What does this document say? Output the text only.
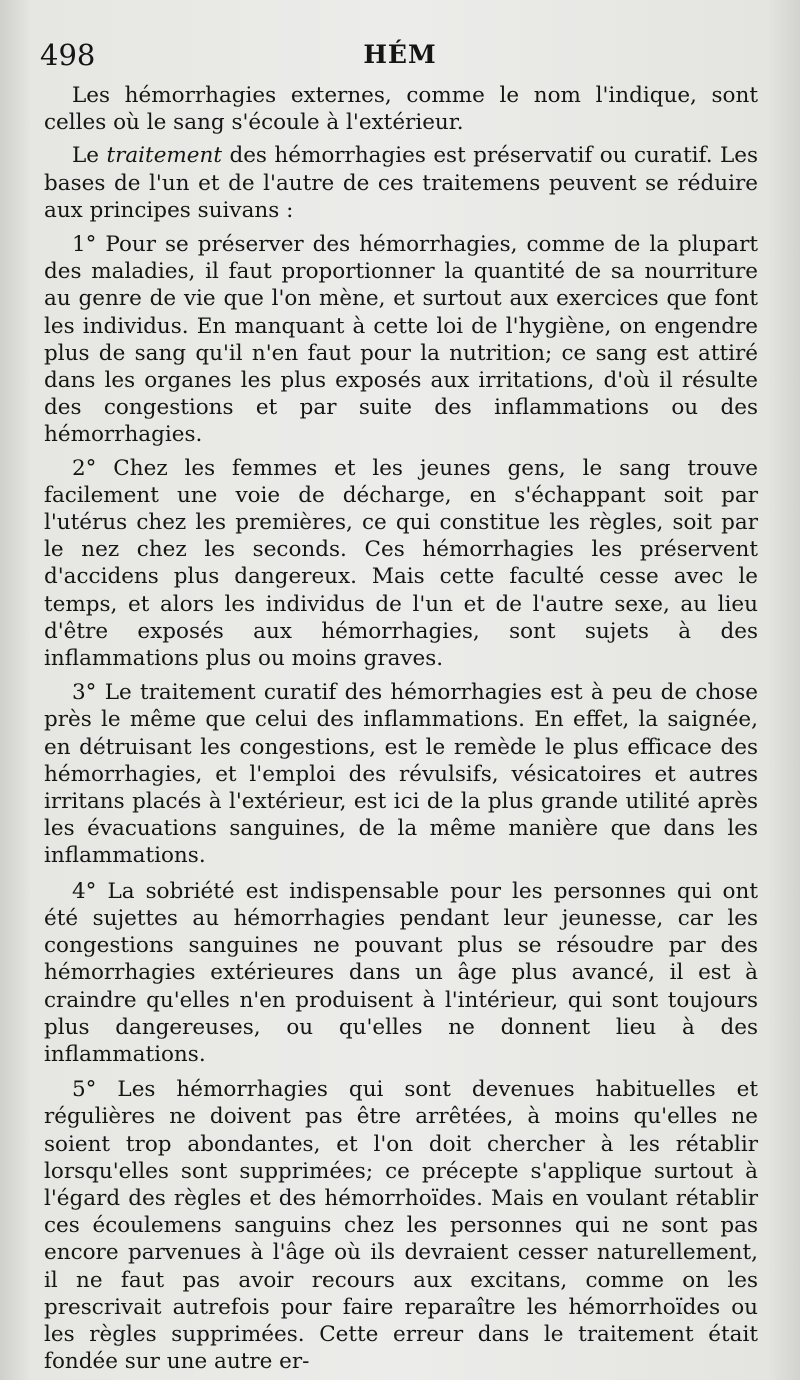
498	HÉM

Les hémorrhagies externes, comme le nom l'indique, sont celles où le sang s'écoule à l'extérieur.

Le traitement des hémorrhagies est préservatif ou curatif. Les bases de l'un et de l'autre de ces traitemens peuvent se réduire aux principes suivans :

1° Pour se préserver des hémorrhagies, comme de la plupart des maladies, il faut proportionner la quantité de sa nourriture au genre de vie que l'on mène, et surtout aux exercices que font les individus. En manquant à cette loi de l'hygiène, on engendre plus de sang qu'il n'en faut pour la nutrition; ce sang est attiré dans les organes les plus exposés aux irritations, d'où il résulte des congestions et par suite des inflammations ou des hémorrhagies.

2° Chez les femmes et les jeunes gens, le sang trouve facilement une voie de décharge, en s'échappant soit par l'utérus chez les premières, ce qui constitue les règles, soit par le nez chez les seconds. Ces hémorrhagies les préservent d'accidens plus dangereux. Mais cette faculté cesse avec le temps, et alors les individus de l'un et de l'autre sexe, au lieu d'être exposés aux hémorrhagies, sont sujets à des inflammations plus ou moins graves.

3° Le traitement curatif des hémorrhagies est à peu de chose près le même que celui des inflammations. En effet, la saignée, en détruisant les congestions, est le remède le plus efficace des hémorrhagies, et l'emploi des révulsifs, vésicatoires et autres irritans placés à l'extérieur, est ici de la plus grande utilité après les évacuations sanguines, de la même manière que dans les inflammations.

4° La sobriété est indispensable pour les personnes qui ont été sujettes au hémorrhagies pendant leur jeunesse, car les congestions sanguines ne pouvant plus se résoudre par des hémorrhagies extérieures dans un âge plus avancé, il est à craindre qu'elles n'en produisent à l'intérieur, qui sont toujours plus dangereuses, ou qu'elles ne donnent lieu à des inflammations.

5° Les hémorrhagies qui sont devenues habituelles et régulières ne doivent pas être arrêtées, à moins qu'elles ne soient trop abondantes, et l'on doit chercher à les rétablir lorsqu'elles sont supprimées; ce précepte s'applique surtout à l'égard des règles et des hémorrhoïdes. Mais en voulant rétablir ces écoulemens sanguins chez les personnes qui ne sont pas encore parvenues à l'âge où ils devraient cesser naturellement, il ne faut pas avoir recours aux excitans, comme on les prescrivait autrefois pour faire reparaître les hémorrhoïdes ou les règles supprimées. Cette erreur dans le traitement était fondée sur une autre er-
